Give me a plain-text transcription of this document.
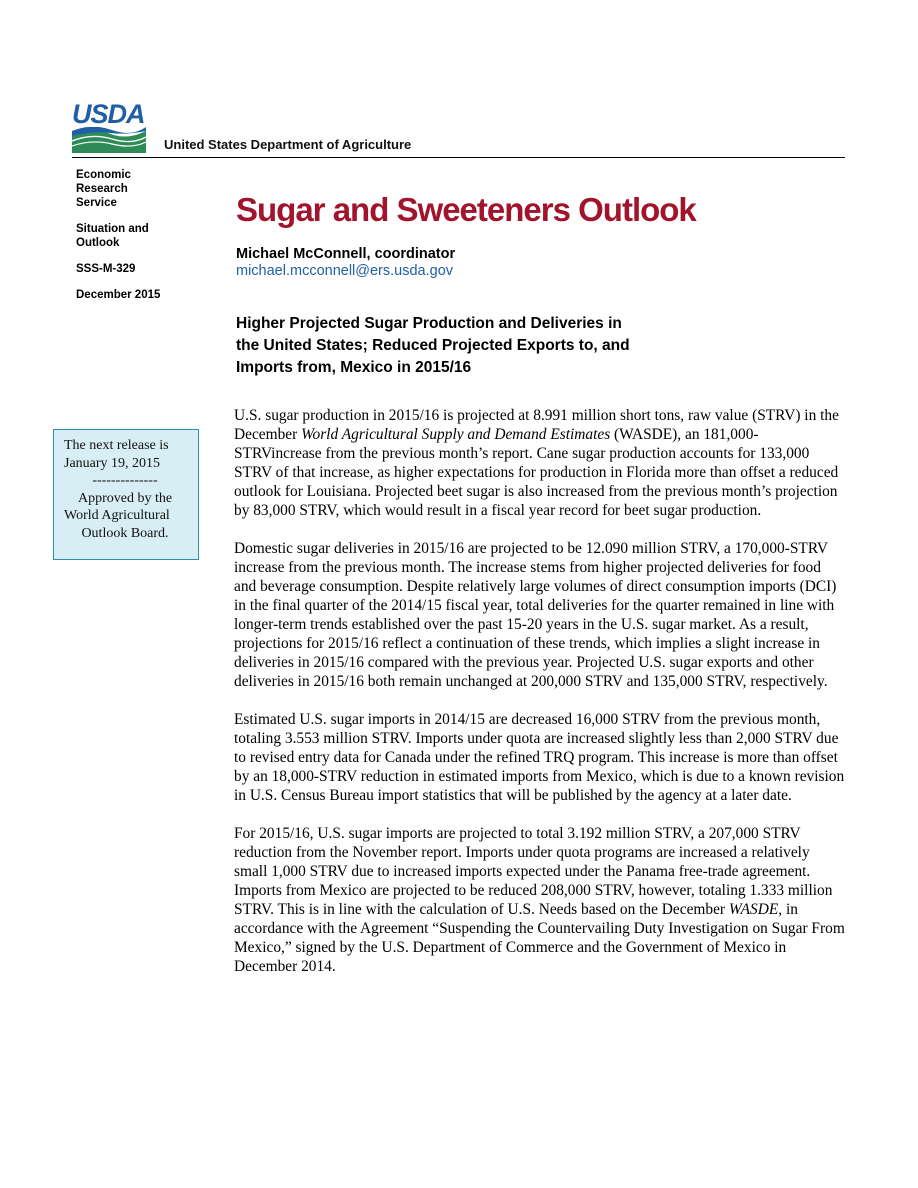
USDA
United States Department of Agriculture
Economic
Research
Service
Situation and
Outlook
SSS-M-329
December 2015
Sugar and Sweeteners Outlook
Michael McConnell, coordinator
michael.mcconnell@ers.usda.gov
Higher Projected Sugar Production and Deliveries in
the United States; Reduced Projected Exports to, and
Imports from, Mexico in 2015/16
The next release is
January 19, 2015
--------------
Approved by the
World Agricultural
Outlook Board.

U.S. sugar production in 2015/16 is projected at 8.991 million short tons, raw value (STRV) in the December World Agricultural Supply and Demand Estimates (WASDE), an 181,000-STRVincrease from the previous month’s report. Cane sugar production accounts for 133,000 STRV of that increase, as higher expectations for production in Florida more than offset a reduced outlook for Louisiana. Projected beet sugar is also increased from the previous month’s projection by 83,000 STRV, which would result in a fiscal year record for beet sugar production.

Domestic sugar deliveries in 2015/16 are projected to be 12.090 million STRV, a 170,000-STRV increase from the previous month. The increase stems from higher projected deliveries for food and beverage consumption. Despite relatively large volumes of direct consumption imports (DCI) in the final quarter of the 2014/15 fiscal year, total deliveries for the quarter remained in line with longer-term trends established over the past 15-20 years in the U.S. sugar market. As a result, projections for 2015/16 reflect a continuation of these trends, which implies a slight increase in deliveries in 2015/16 compared with the previous year. Projected U.S. sugar exports and other deliveries in 2015/16 both remain unchanged at 200,000 STRV and 135,000 STRV, respectively.

Estimated U.S. sugar imports in 2014/15 are decreased 16,000 STRV from the previous month, totaling 3.553 million STRV. Imports under quota are increased slightly less than 2,000 STRV due to revised entry data for Canada under the refined TRQ program. This increase is more than offset by an 18,000-STRV reduction in estimated imports from Mexico, which is due to a known revision in U.S. Census Bureau import statistics that will be published by the agency at a later date.

For 2015/16, U.S. sugar imports are projected to total 3.192 million STRV, a 207,000 STRV reduction from the November report. Imports under quota programs are increased a relatively small 1,000 STRV due to increased imports expected under the Panama free-trade agreement. Imports from Mexico are projected to be reduced 208,000 STRV, however, totaling 1.333 million STRV. This is in line with the calculation of U.S. Needs based on the December WASDE, in accordance with the Agreement “Suspending the Countervailing Duty Investigation on Sugar From Mexico,” signed by the U.S. Department of Commerce and the Government of Mexico in December 2014.
